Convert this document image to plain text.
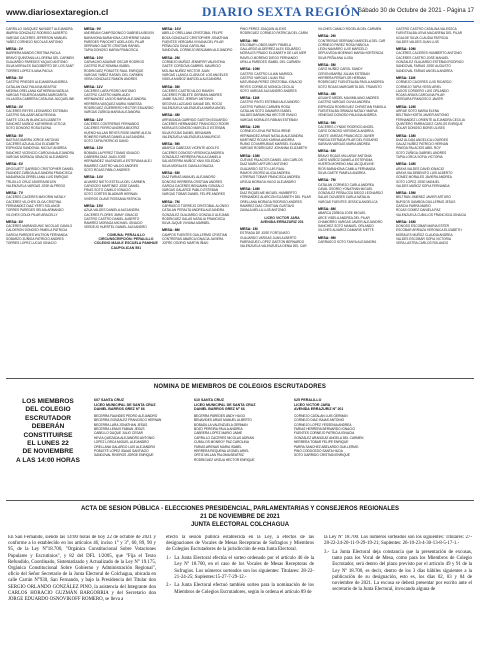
www.diariosextaregion.cl	DIARIO SEXTA REGIÓN
Sábado 30 de Octubre de 2021 - Página 17
CARRILLO VASQUEZ NAYADET ALEJANDRA
IBARRA GONZALEZ RODRIGO ALBERTO
VARGAS CACERES JEFERSON MANUEL
YAÑEZ CORNEJO NICOLAS ANTONIO
MESA: 2V
BARRERA MANDS CRISTINA PAOLA
BRAVO QUINTANILLA LORENA DEL CARMEN
GUAJARDO PAREDES YAQUIO ANTONIO
SILVA MORALES DAGOBERTO DE LOS SANT
TORRES LOPEZ ILIANA PAOLA
MESA: 3V
CASTRO PRIEDES ALEJANDRA ANDREA
CATALAN DIAZ PAULINA BEATRIZ
MEDINA ORELLANA KATHERINA NATALIA
VARGAS FIGUEROA MARIA MARGARITA
VILLAGRA CABRERA CATALINA JACQUELINE
MESA: 4V
CACERES REYES LEONARDO ESTEBAN
CASTRO SALAZAR AIDA REGINA
GAETE COLLIN BLANCA ELIZABETH
SANCHEZ MUÑOZ KATHERINE LETICIA
SOTO DONOSO ROSA ELENA
MESA: 5V
BASTIAS IBARRA JORGE ANTONIO
CACERES AZUA ALICIA ELIZABETH
ESPINOZA SANDOVAL NICOLE ANDREA
SANCHEZ VICENCIO CAROLINA ALEJANDRA
VARGAS MORAGA IGNACIO ALEJANDRO
MESA: 6V
DROGUETT GARRIDO CRISTOPHER DANIEL
FAUNDEZ ZUÑIGA ALEJANDRA FRANCISCA
MADARIAGA ORRELLANA LUIS ENRIQUE
TRUJILLO CRUZ JAVIERA BELEN
VALENZUELA VARGAS JOSE ALFREDO
MESA: 7V
CACERES CACERES MAYORIN NATALY
CACERES VILCHES OLGA CRISTINA
FERNANDEZ DIAZ YERTI SOLANGE
TORRES PAREDES SELMA ARMANDO
VILCHES GOLDI PILAR ARACELLY
MESA: 8V
CACERES MARANGUNIC NICOLAS CAMILO
CALDERON DONOSO PAMELA PATRICIA
GARCIA PAREDES WILTSON FERNANDA
SOBARZO ZUÑIGA PATRICIO ANDRES
TORRES LOPEZ LUCAS IGNACIO
MESA: 9V
ANDREANI CAMPODONICO GABRIELA BELEN
BARAHONA BARAHONA CATHERINE NADIA
PAREDES PINOCHET ADELA DEL PILAR
SERRANO GAETE CRISTIAN RAFAEL
TAPIA DONOSO MARIA FRANCISCA
MESA: 10V
CARVACHO ADASME OSCAR RODRIGO
CASTRO RUZ ROMINA ISABEL
RODRIGUEZ POBLETE RAUL ENRIQUE
VARGAS YAÑEZ RAFAEL DEL CARMEN
VERA GONZALEZ RAMON ANDRES
MESA: 11V
CACERES LARA PEDRO ANTONIO
CASTRO CASTRO MARILAUDI
HERNANDEZ LAGOS MARIA ALEJANDRA
HERRERA VASQUEZ MARIA VANESSA
RODRIGUEZ GUERRERO HECTOR EDUARDO
VARGAS ZUÑIGA MARIA ALEJANDRA
MESA: 12V
CACERES CONTRERAS FERNANDO
CACERES FERRO ANDREA BEATRIZ
HUENCHULLAN REYES ROSE MARIE ALEJA
ROMERO FARIAS DANIELA ALEJANDRA
SOTO TAPIA PATRICIO DAVID
MESA: 13V
BOBADILLA PEREZ TOMAS IGNACIO
CABRERA DIAZ JUAN JOSE
HERNANDEZ VALENZUELA ESTEFANIA ALEJ
RAMIREZ CASTRO VALDO ANDRES
SOTO ROJAS PABLO ANDRES
MESA: 14V
ALVAREZ NIETO ESTELLA DEL CARMEN
CARIOCEO MARTINEZ JOSE DANIEL
FRIAS SOTO CAMILO IGNACIO
SOTO CORTES BLADIMIR HERNAN
VIVEROS OLAVE ROSSANA PATRICIA
MESA: 15V
AZUA VALDES DANIELA ALEJANDRA
CACERES FLORES JIMMY IGNACIO
CASTRO CASTRO DANIEL ALBERTO
RAMIREZ MORAGA MICHAEL IGNACIO
VERDEJO HUERTEL DANIEL ALEJANDRO
COMUNA: PERALILLO
CIRCUNSCRIPCIÓN: PERALILLO
COLEGIO MAULE ESCUELA PANIHUE
CAUPOLICAN 551
MESA: 16V
ABELLO ORELLANA CRISTOBAL FELIPE
BOZA GONZALEZ CRISTOPHER JONATHAN
FUENTES VERGARA VIVIANA DEL PILAR
PEÑALOZA SILVA CAROLINA
SANDOVAL CORNEJO BENJAMIN ALEJANDRO
MESA: 2M
CORNEJO MUÑOZ JENNIFER VALENTINA
GAETE CORDOVA GABRIEL MAURICIO
MOLINA NUÑEZ HECTOR JUAN
VARGAS LLANCA CLARA DE LOS ANGELES
VIDELA MUÑOZ MARCELA ALEJANDRA
MESA: 3M
CACERES CASTRO ALDO RAMON
CACERES POBLETE GERMAN ANDRES
JAIME SALVEZ JEREMY ANTONIO
SEGOVIA LAZCANO DANAE DEL ROCIO
VALENZUELA VALENZUELA MARIA ANGEL
MESA: 4M
ARRIAGADA GARRIDO GASTON EDUARDO
CACERES HERNANDEZ FRANCISCO RODRI
MORALES DONOSO MARCELO ESTEBAN
SILVA ROJAS DANIEL BENJAMIN
VALENZUELA VALENZUELA MAURICIO
MESA: 5M
ABARCA CABEZAS VICENTE ADOLFO
CACERES DONOSO VERONICA ANDREA
GONZALEZ HERRERA PAULA DANIELA
SALVATIERRA MUÑOZ YANI SOLEDAD
SILVA MORALES CAMILA IGNACIA
MESA: 6M
DIAZ FARIAS MANUEL ALEJANDRO
DONOSO HERRERA CRISTIAN ANDRES
GARCIA CACERES BENJAMIN GONZALO
VARGAS GALARCE PABLO ESTEBAN
VARGAS TOBAR DANIEL FELIPE ANDRES
MESA: 7M
CARRASCO TORREJO CRISTOBAL ALONSO
CATALAN PERALTA ANDREA ALEJANDRA
GONZALEZ GUAJARDO GONZALO ALEJAND
RODRIGUEZ SALAS NATALIA FRANCISCA
SILVA JAQUE VIVIANA MARIBEL
MESA: 8M
CAMPOS FUENTES GUILLERMO CRISTIAN
CONTRERAS ABARCA IGNACIA JAVIERA
JOFRE OSORIO MARTIN IÑAKI
PINO PEREZ JOAQUIN ALEXIS
RODRIGUEZ CORNEJO PATRICIA DEL CARM
MESA: 9M
ESCOBAR LOBOS MARY PAMELA
GALLARDO ALDERREZ ALEX EDUARDO
MORALES PRADO ELIZABETH DE LAS MER
RAVELO MORENO DIEGO FERNANDO
URILLA PAREDES ISABEL DEL CARMEN
MESA: 10M
CASTRO CASTRO LILIAN MARISOL
CASTRO VARGAS LILIAN PAZ
MATURANA PEREZ CRISTOBAL IGNACIO
REYES CORNEJO MONICA CECILIA
SOTO VARGAS ALEJANDRO ANDRES
MESA: 11M
CASTRO PINTO ESTEBAN ALEJANDRO
CASTRO FARIAS CARMEN ROSA
CATALAN SOTO DAMARIS ISABEL
VALDES BARAHONA HECTOR EMILIO
VARGAS MORALES FABIAN ESTEBAN
MESA: 12M
CORNEJO LEIVA PATRICIA IRENE
HERNANDEZ ARIAS NATALIA ALEJANDRA
MARTINEZ ROJAS KARINA ANDREA
RUBIO COVARRUBIAS MARISEL ELIANA
VARGAS RODRIGUEZ JOHANNA ELIZABETH
MESA: 13M
CUEVAS PALACIOS DANIEL JAN CARLOS
DIAZ MARIO ARTURO ANTONIO
GUAJARDO SOTO LUIS RAUL
RAMOS OSORIO ALICIA ANDREA
UTRERAS TOBAR FRANCISCA ANDREA
URZUA MORAGA HUGO ALEJANDRO
MESA: 14M
DIAZ RIQUELME MIGUEL HUMBERTO
FERNANDEZ ALARCON ELIZABETH DEL PILAR
ORELLANA MORAGA RODRIGO ANDRES
RAMIREZ DIAZ CRISTIAN GUSTAVO
ZAVALA MELLA LUIS ANTONIO
LICEO VICTOR JARA
AVENIDA ERRAZURIZ 201
MESA: 1M
ESTRADA DE JOSE FORTUNATO
GUAJARDO VARGAS JUAN ALBERTO
PARRAGUEZ LOPEZ GASTON BERNARDO
VALENZUELA VALENZUELA DENIA DEL CAR
VILCHES CAMILO ROGELIA DEL CARMEN
MESA: 2M
CONTRERAS SERRANO MARCELA DEL CAR
CORNEJO PAREZ ROSA FABIOLA
LEON NAVARRO LUIS MARCELO
SEPULVEDA MOENNIG MARIA HORTENCIA
SILVA PEÑA ANA LUISA
MESA: 3M
CARO NUÑEZ CAROL SANDY
CERON IBARRA JULIAN ESTEBAN
HERRERA PEÑAFLOR HERNAN
RODRIGUEZ FUENTEALBA PAOLA ANDREA
SOTO ROJAS MARGARITA DEL TRANSITO
MESA: 4M
AGUAYO MEDEL MAXIMILIANO ANDRES
CASTRO VARGAS OLIVIA ANDREA
ESPINOZA RODRIGUEZ CHRISTIAN FABIOLA
FUENTEALBA ORMAZA NATALY MAEVA
VENEGAS DONOSO PAULINA ANDREA
MESA: 5M
CACERES CYNDIE RODRIGO ANGEL
CARO DONOSO VERONICA ANDREA
GAETE VARGAS FRANCISCO JAVIER
PINEDA ESTRADA PILAR DEL ROSARIO
SARAVIA VARGAS MARIA ANDREA
MESA: 6M
BRAVO ROJAS MILLARAY ANTONIA
CARO MUÑOZ DANIELA ESTEFANIA
HUERTA MORENO ANA JACQUELINE
RIOS BARAHONA CAMILA FERNANDA
SILVA GAETE PAMELA ANDREA
MESA: 7M
CATALAN CORNEJO CARLA ANDREA
CAVAL OSORIO YONATHAN MIGUEL
GONZALEZ PEÑALOZA DIEGO LEONARDO
SALAS OLIVARES CARLA NATALIA
VARGAS FUENTES JESSICA ANGELICA
MESA: 8M
ABARCA ZÚÑIGA JOSE MIGUEL
ARCE VIDELA ANDREA DEL PILAR
CHAMORRO VARGAS JAVIER ALEJANDRO
SANCHEZ SOTO MANUEL ORLANDO
VILCHES ALVAREZ DAMARIS IVETTE
MESA: 9M
CARRASCO SOTO TANYA ALEJANDRA
CASTRO CASTRO CATALINA VALESSCA
FUENTEALBA LEIVA MACARENA DEL PILAR
UGALDE SILVA CLAUDIA PATRICIA
VALDES VALDES JUAN LUIS
MESA: 10M
CACERES CACERES HUMBERTO ANTONIO
CACERES CASTRO JOSE MANUEL
GONZALEZ GUAJARDO ESTEBAN RODRIGO
SANDOVAL FARIAS JOSE AUGUSTO
SANDOVAL FARIAS ANGELA ANDREA
MESA: 11M
CORNEJO CACERES LUIS RICARDO
CORNEJO TAPIA YESSI ARIEL
LAGOS CORDERO LUIS ORLANDO
ROJAS ARAYA CAROLINA PILAR
VERGARA FRANCISCO JAVIER
MESA: 12M
ARRUE SOTO MARIA ELENA
BELTRAN HORTA JAVIER ANTONIO
FERNANDEZ LORIENTE ALEJANDRA CECILIA
QUINTERO PARRAGUEZ CARLOS ENRIQUE
SOLAR DONOSO BORIS ULISES
MESA: 13M
DIAZ ALCAÍA ANGELICA LOURDES
GALAZ NUÑEZ PATRICIO HERNAN
PINEDA PALACIOS ABEL ROY
SOTO ZUÑIGA GABRIEL ANDRES
TAPIA LORCA SOFIA VICTORIA
MESA: 14M
ARAYA VALDES DAVID IGNACIO
ARAYA VALDEBENITO LUIS ALBERTO
GOMEZ MORALES JAVIERA ANDREA
SOTO LOPEZ JOSE MANUEL
VALDES MUÑOZ SOFIA FERNANDA
MESA: 15M
BELTRAN JIMENEZ JAVIER ARTURO
BURGOS GAMBOA GUILLERMO JESUS
GARCIA PARRA MARIO
ROJAS GOMEZ DANIELA PAZ
VALENZUELA CUBILLOS FRANCISCA IGNACIA
MESA: 16M
DONOSO ESCOBAR MARIA ESTER
ESCOBAR ARRIAZA VERONICA ELIZABETH
MORALES MUÑOZ CLAUDIA ANDREA
VALDES ESCOBAR SOFIA VICTORIA
VERA LASTRA CARLOS ROLANDO
NOMINA DE MIEMBROS DE COLEGIOS ESCRUTADORES
LOS MIEMBROS
DEL COLEGIO
ESCRUTADOR
DEBERÁN
CONSTITUIRSE
EL LUNES 22
DE NOVIEMBRE
A LAS 14:00 HORAS
607 SANTA CRUZ
LICEO MUNICIPAL DE SANTA CRUZ
DANIEL BARROS GREZ Nº 66
BECERRA FAUNDES PEDRO ALEJANDRO
BECERRA GONZALEZ FRANCISCO HERNAN
BECERRA LARA JONATHAN JESUS
BECERRA LEMUS FABIAN JESUS
CABELLO DUQUE JULIO CESAR
HEVIA QUEZADA ALEJANDRO ANTONIO
LOPEZ LORCA MIGUEL ALEJANDRO
ORELLANA GALARDO LUIS ALEJANDRO
POBLETE LOPEZ ISAIAS SANTIAGO
SANDOVAL RIVEROS JORGE ENRIQUE
610 SANTA CRUZ
LICEO MUNICIPAL DE SANTA CRUZ
DANIEL BARROS GREZ Nº 66
BECERRA PAREDES ANDY HUGO
BENAVIDES ARIAS MANUEL ALBERTO
BOBADILLA VALENZUELA GERMAN
BOZO PEREIRA PAULA ANDREA
CABRERA LOPEZ MARIO JAIME
CARRILLO CACERES NICOLAS ADRIAN
CUBILLOS MONROY PAZ CAROLINA
FARIAS ARENAS MARIA ISABEL
HERRERA REQUENA LEONEL ARIEL
ORTIZ MILLAN PALOMA BEATRIZ
RODRIGUEZ URZUA HECTOR ENRIQUE
625 PERALILLO
LICEO VICTOR JARA
AVENIDA ERRAZURIZ Nº 201
CORNEJO CATALAN LUIS GERMAN
CORNEJO DIAZ ISAIAS ANTONIO
CORNEJO LOPEZ YESSENIA ANDREA
FARIAS HERRERA BERNARDO IGNACIO
FUENTES CORNEJO PATRICIA IGNACIA
GONZALEZ ARANGUIZ ANGELA DEL CARMEN
HERRERA TOBAR FELIPE ENRIQUE
PARRA SANCHEZ ABELARDO GUILLERMO
PINO CODOCEDO SANTA HILDA
SOTO GARRIDO CRISTIAN ENRIQUE
ACTA DE SESION PÚBLICA - ELECCIONES PRESIDENCIAL, PARLAMENTARIAS Y CONSEJEROS REGIONALES
21 DE NOVIEMBRE DE 2021
JUNTA ELECTORAL COLCHAGUA

En San Fernando, siendo las 14:00 horas de hoy 22 de octubre de 2021 y conforme a lo establecido en los artículos 46, inciso 1° y 3°, 60, 89, 90 y 95, de la Ley N°18.700, "Orgánica Constitucional Sobre Votaciones Populares y Escrutinios", y 82 del DFL 1/2005, que "Fija el Texto Refundido, Coordinado, Sistematizado y Actualizado de la Ley N° 19.175, Orgánica Constitucional Sobre Gobierno y Administración Regional", oficio del Señor Secretario de la Junta Electoral de Colchagua, ubicada en calle Carrán N°930, San Fernando, y bajo la Presidencia del Titular don SERGIO ORLANDO GONZÁLEZ PINO, la asistencia del Integrante don CARLOS HORACIO GUZMÁN BARGORRIA y del Secretario don JORGE EDUARDO OSNOVIKOFF ROMERO, se lleva a

efecto la sesión pública establecida en la Ley, a efectos de las designaciones de Vocales de Mesas Receptoras de Sufragios y Miembros de Colegios Escrutadores de la jurisdicción de esta Junta Electoral.

1.- La Junta Electoral efectúa el sorteo ordenado por el artículo 46 de la Ley Nº 18.700, en el caso de los Vocales de Mesas Receptoras de Sufragios. Los números sorteados son los siguientes: Titulares: 28-22-21-24-25; Suplentes:15-27-7-29-12.-

2.- La Junta Electoral efectuó también sorteo para la nominación de los Miembros de Colegios Escrutadores, según lo ordena el artículo 89 de

la Ley Nº 18.700. Los números sorteados son los siguientes: Titulares: 27-28-22-24-20-11-9-29-19-21; Suplentes: 26-10-23-4-30-13-8-5-17-1.-

3.- La Junta Electoral deja constancia que la presentación de excusas, tanto para los Vocal de Mesa, como para los Miembros de Colegio Escrutador, será dentro del plazo previsto por el artículo 49 y 91 de la Ley Nº 18.700, es decir, dentro de los 3 días hábiles siguientes a la publicación de su designación, esto es, los días 02, 03 y 04 de noviembre de 2021. La excusa se deberá presentar por escrito ante el secretario de la Junta Electoral, invocando alguna de
